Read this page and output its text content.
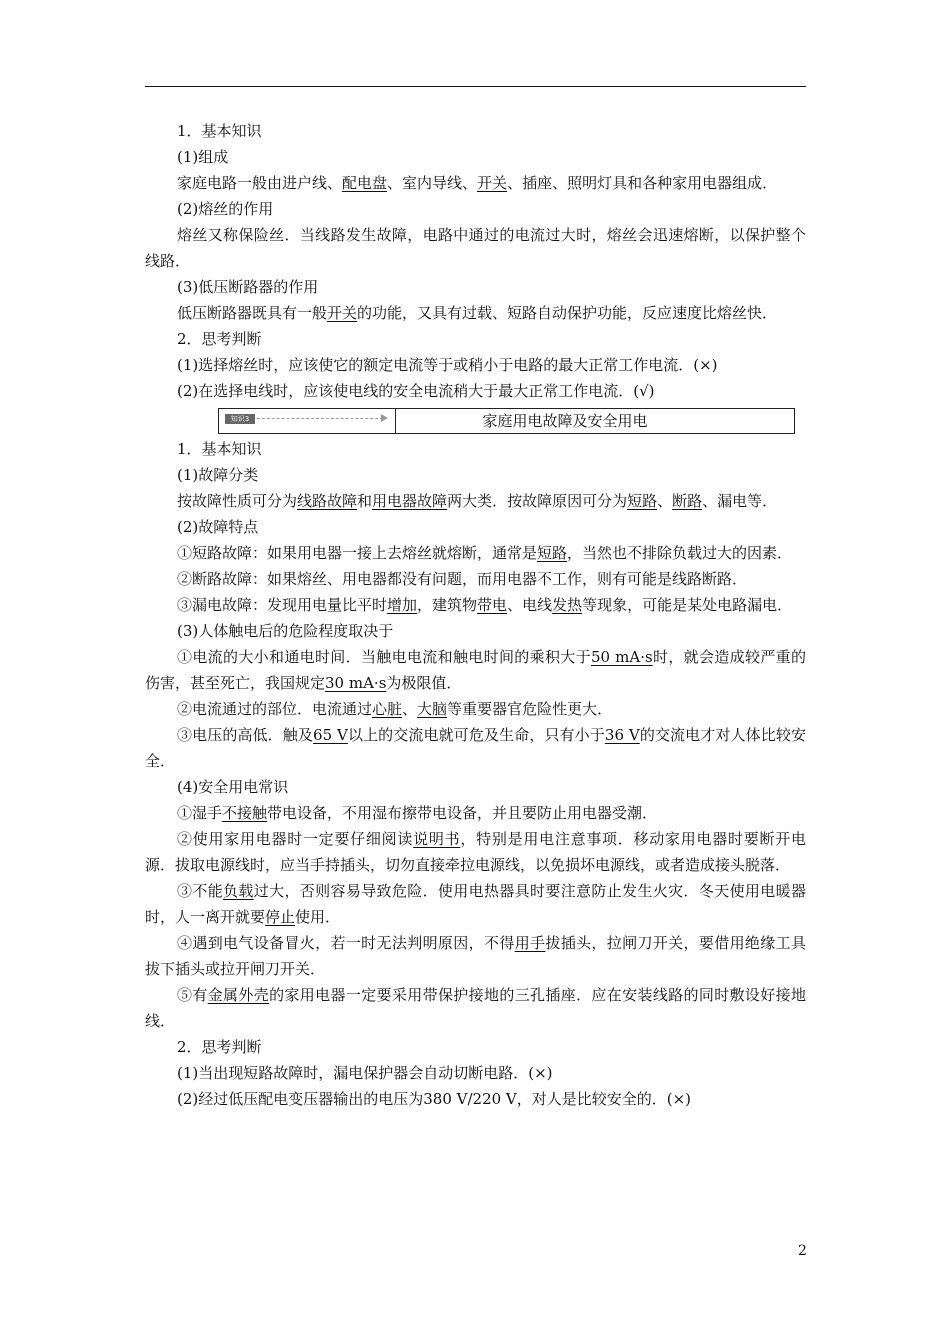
1．基本知识

(1)组成

家庭电路一般由进户线、配电盘、室内导线、开关、插座、照明灯具和各种家用电器组成．

(2)熔丝的作用

熔丝又称保险丝．当线路发生故障，电路中通过的电流过大时，熔丝会迅速熔断，以保护整个线路．

(3)低压断路器的作用

低压断路器既具有一般开关的功能，又具有过载、短路自动保护功能，反应速度比熔丝快．

2．思考判断

(1)选择熔丝时，应该使它的额定电流等于或稍小于电路的最大正常工作电流．(×)

(2)在选择电线时，应该使电线的安全电流稍大于最大正常工作电流．(√)

知识3	家庭用电故障及安全用电

1．基本知识

(1)故障分类

按故障性质可分为线路故障和用电器故障两大类．按故障原因可分为短路、断路、漏电等．

(2)故障特点

①短路故障：如果用电器一接上去熔丝就熔断，通常是短路，当然也不排除负载过大的因素．

②断路故障：如果熔丝、用电器都没有问题，而用电器不工作，则有可能是线路断路．

③漏电故障：发现用电量比平时增加，建筑物带电、电线发热等现象，可能是某处电路漏电．

(3)人体触电后的危险程度取决于

①电流的大小和通电时间．当触电电流和触电时间的乘积大于50 mA·s时，就会造成较严重的伤害，甚至死亡，我国规定30 mA·s为极限值．

②电流通过的部位．电流通过心脏、大脑等重要器官危险性更大．

③电压的高低．触及65 V以上的交流电就可危及生命，只有小于36 V的交流电才对人体比较安全．

(4)安全用电常识

①湿手不接触带电设备，不用湿布擦带电设备，并且要防止用电器受潮．

②使用家用电器时一定要仔细阅读说明书，特别是用电注意事项．移动家用电器时要断开电源．拔取电源线时，应当手持插头，切勿直接牵拉电源线，以免损坏电源线，或者造成接头脱落．

③不能负载过大，否则容易导致危险．使用电热器具时要注意防止发生火灾．冬天使用电暖器时，人一离开就要停止使用．

④遇到电气设备冒火，若一时无法判明原因，不得用手拔插头，拉闸刀开关，要借用绝缘工具拔下插头或拉开闸刀开关．

⑤有金属外壳的家用电器一定要采用带保护接地的三孔插座．应在安装线路的同时敷设好接地线．

2．思考判断

(1)当出现短路故障时，漏电保护器会自动切断电路．(×)

(2)经过低压配电变压器输出的电压为380 V/220 V，对人是比较安全的．(×)

2
